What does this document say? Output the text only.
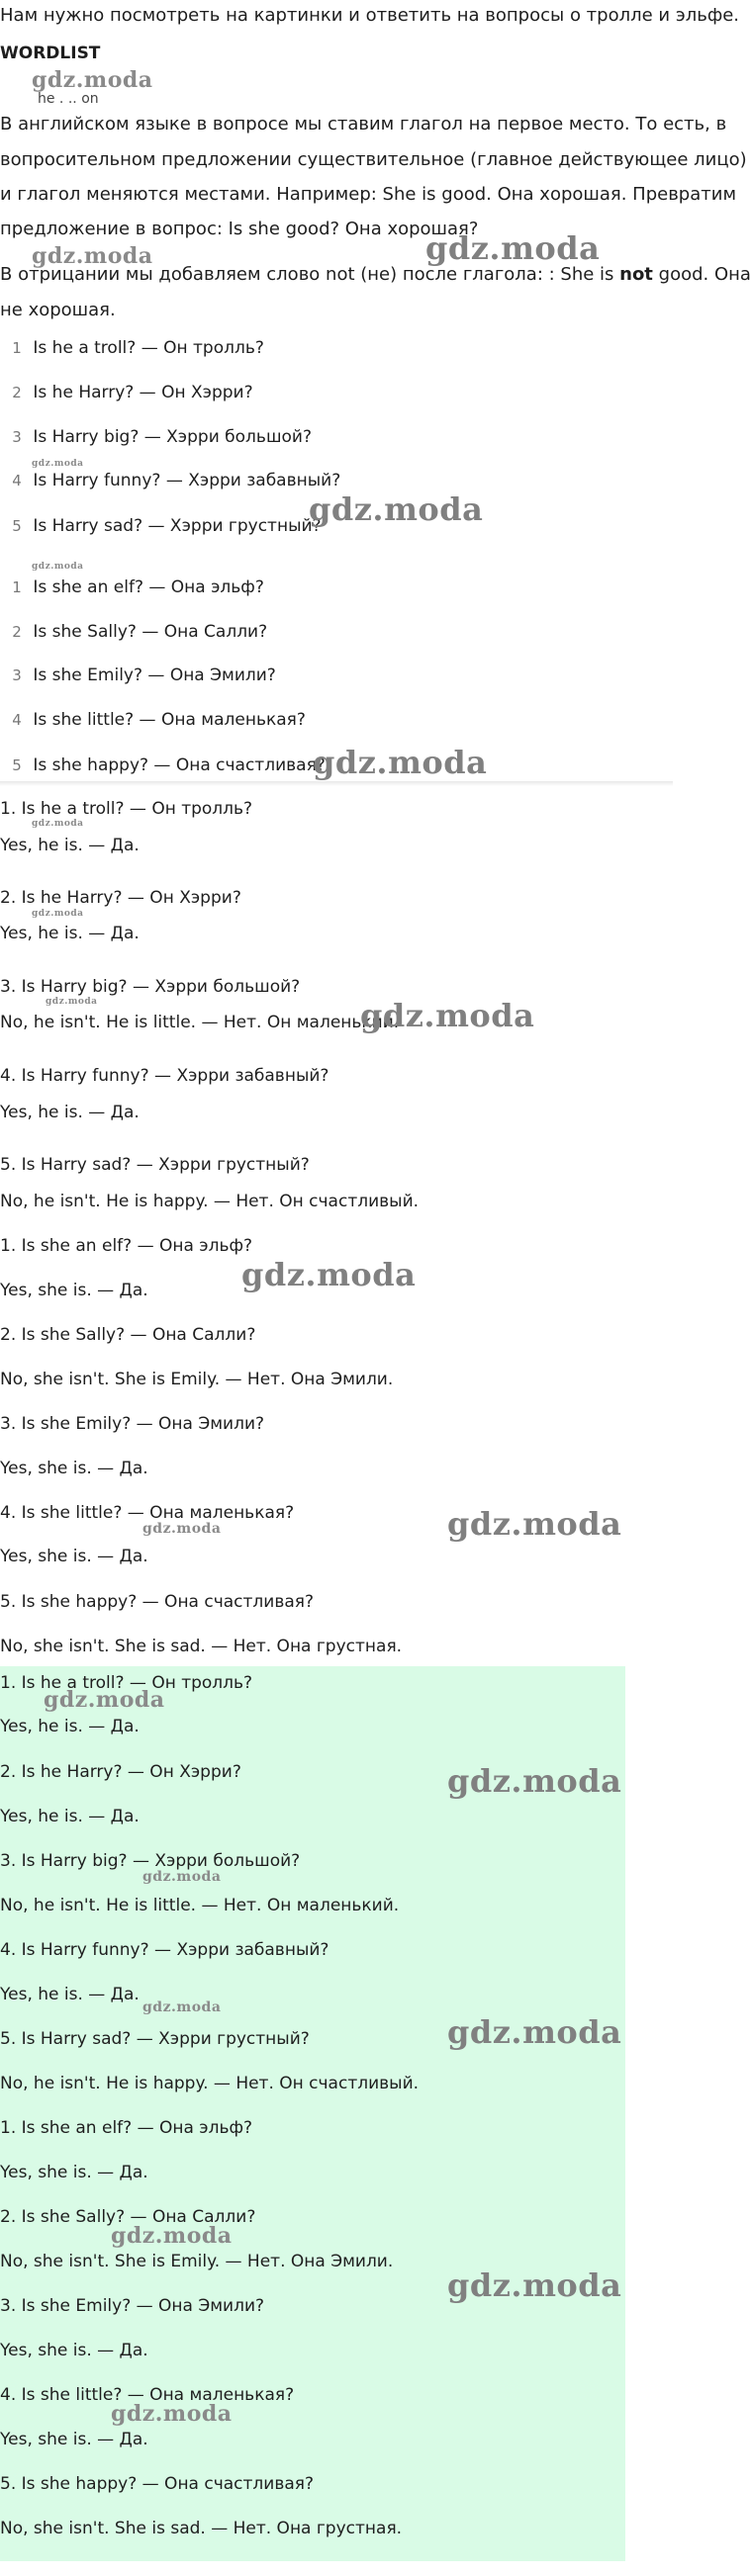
Нам нужно посмотреть на картинки и ответить на вопросы о тролле и эльфе.
WORDLIST
gdz.moda
he . .. on
В английском языке в вопросе мы ставим глагол на первое место. То есть, в
вопросительном предложении существительное (главное действующее лицо)
и глагол меняются местами. Например: She is good. Она хорошая. Превратим
предложение в вопрос: Is she good? Она хорошая?
gdz.moda	gdz.moda
В отрицании мы добавляем слово not (не) после глагола: : She is not good. Она
не хорошая.
1 Is he a troll? — Он тролль?
2 Is he Harry? — Он Хэрри?
3 Is Harry big? — Хэрри большой?
gdz.moda
4 Is Harry funny? — Хэрри забавный?
5 Is Harry sad? — Хэрри грустный?
gdz.moda
gdz.moda
1 Is she an elf? — Она эльф?
2 Is she Sally? — Она Салли?
3 Is she Emily? — Она Эмили?
4 Is she little? — Она маленькая?
5 Is she happy? — Она счастливая?
gdz.moda
gdz.moda
1. Is he a troll? — Он тролль?
Yes, he is. — Да.
gdz.moda
2. Is he Harry? — Он Хэрри?
Yes, he is. — Да.
3. Is Harry big? — Хэрри большой?
gdz.moda
No, he isn't. He is little. — Нет. Он маленький.
gdz.moda
4. Is Harry funny? — Хэрри забавный?
Yes, he is. — Да.
5. Is Harry sad? — Хэрри грустный?
No, he isn't. He is happy. — Нет. Он счастливый.
1. Is she an elf? — Она эльф?
gdz.moda
Yes, she is. — Да.
2. Is she Sally? — Она Салли?
No, she isn't. She is Emily. — Нет. Она Эмили.
3. Is she Emily? — Она Эмили?
Yes, she is. — Да.
4. Is she little? — Она маленькая?
gdz.moda	gdz.moda
Yes, she is. — Да.
5. Is she happy? — Она счастливая?
No, she isn't. She is sad. — Нет. Она грустная.
1. Is he a troll? — Он тролль?
gdz.moda
Yes, he is. — Да.
2. Is he Harry? — Он Хэрри?	gdz.moda
Yes, he is. — Да.
3. Is Harry big? — Хэрри большой?
gdz.moda
No, he isn't. He is little. — Нет. Он маленький.
4. Is Harry funny? — Хэрри забавный?
Yes, he is. — Да.
gdz.moda
5. Is Harry sad? — Хэрри грустный?	gdz.moda
No, he isn't. He is happy. — Нет. Он счастливый.
1. Is she an elf? — Она эльф?
Yes, she is. — Да.
2. Is she Sally? — Она Салли?
gdz.moda
No, she isn't. She is Emily. — Нет. Она Эмили.
gdz.moda
3. Is she Emily? — Она Эмили?
Yes, she is. — Да.
4. Is she little? — Она маленькая?
gdz.moda
Yes, she is. — Да.
5. Is she happy? — Она счастливая?
No, she isn't. She is sad. — Нет. Она грустная.
